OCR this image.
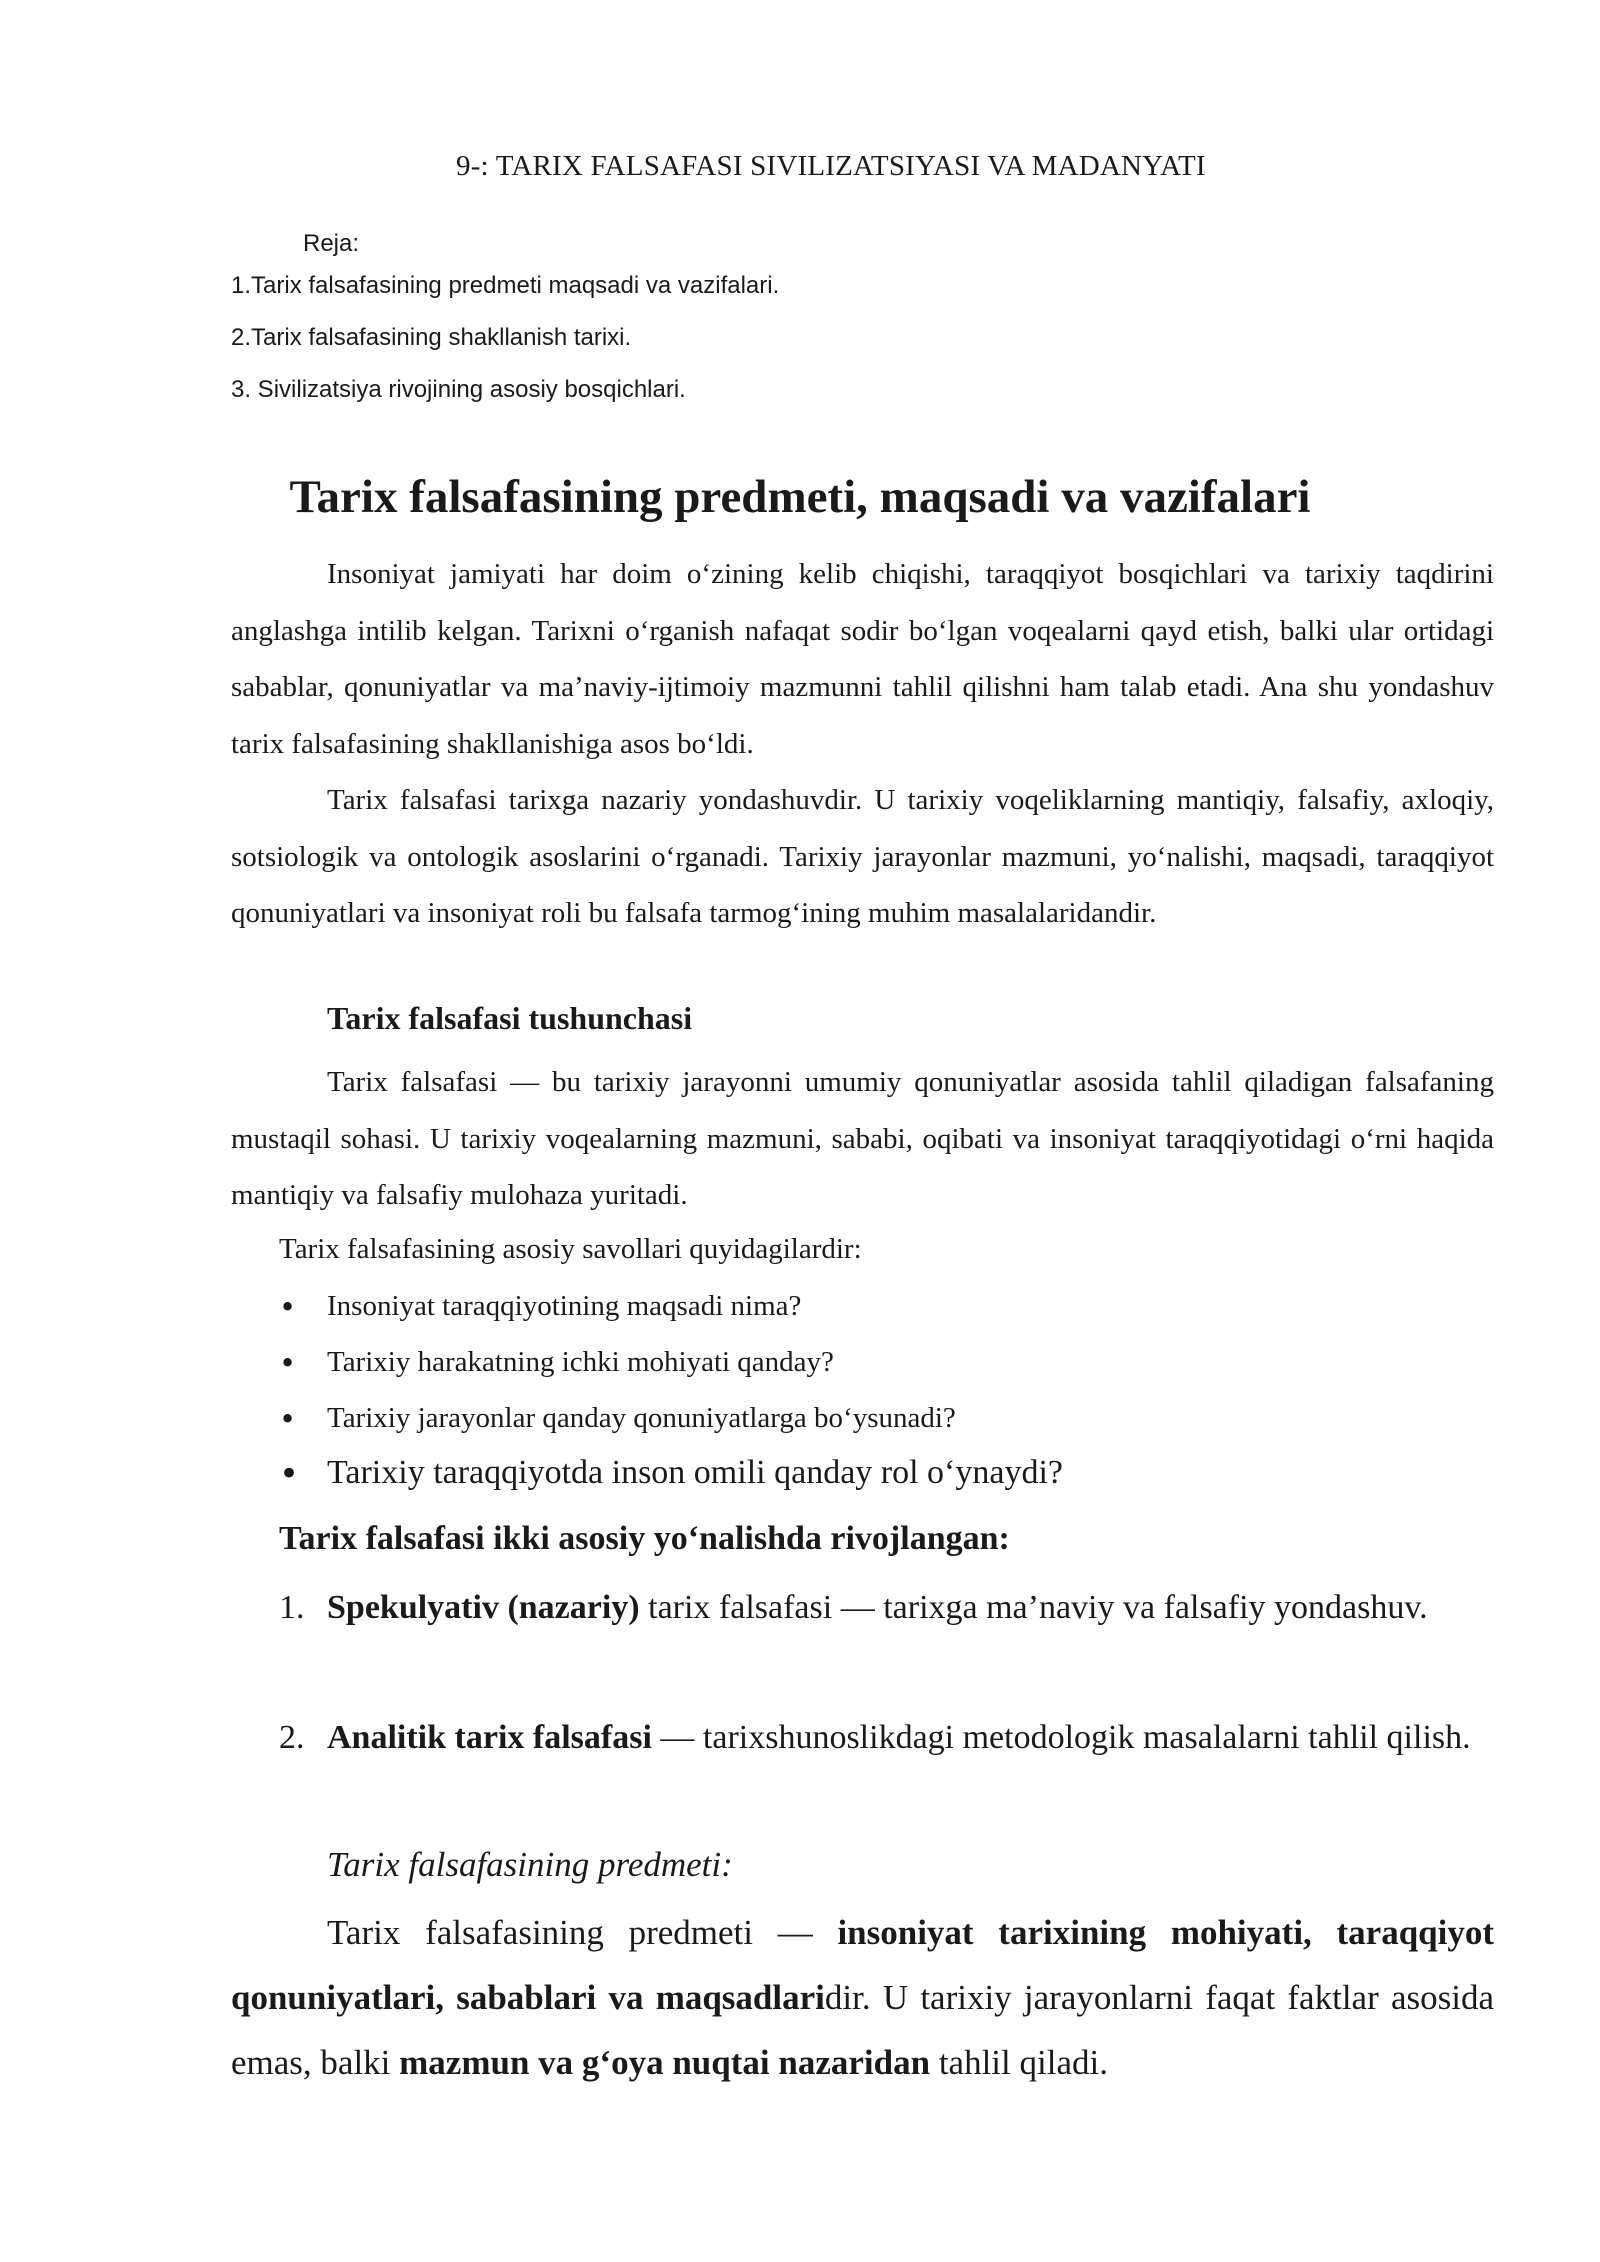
9-: TARIX FALSAFASI SIVILIZATSIYASI VA MADANYATI

Reja:

1.Tarix falsafasining predmeti maqsadi va vazifalari.

2.Tarix falsafasining shakllanish tarixi.

3. Sivilizatsiya rivojining asosiy bosqichlari.

Tarix falsafasining predmeti, maqsadi va vazifalari

Insoniyat jamiyati har doim o‘zining kelib chiqishi, taraqqiyot bosqichlari va tarixiy taqdirini anglashga intilib kelgan. Tarixni o‘rganish nafaqat sodir bo‘lgan voqealarni qayd etish, balki ular ortidagi sabablar, qonuniyatlar va ma’naviy-ijtimoiy mazmunni tahlil qilishni ham talab etadi. Ana shu yondashuv tarix falsafasining shakllanishiga asos bo‘ldi.

Tarix falsafasi tarixga nazariy yondashuvdir. U tarixiy voqeliklarning mantiqiy, falsafiy, axloqiy, sotsiologik va ontologik asoslarini o‘rganadi. Tarixiy jarayonlar mazmuni, yo‘nalishi, maqsadi, taraqqiyot qonuniyatlari va insoniyat roli bu falsafa tarmog‘ining muhim masalalaridandir.

Tarix falsafasi tushunchasi

Tarix falsafasi — bu tarixiy jarayonni umumiy qonuniyatlar asosida tahlil qiladigan falsafaning mustaqil sohasi. U tarixiy voqealarning mazmuni, sababi, oqibati va insoniyat taraqqiyotidagi o‘rni haqida mantiqiy va falsafiy mulohaza yuritadi.

Tarix falsafasining asosiy savollari quyidagilardir:

• Insoniyat taraqqiyotining maqsadi nima?
• Tarixiy harakatning ichki mohiyati qanday?
• Tarixiy jarayonlar qanday qonuniyatlarga bo‘ysunadi?
• Tarixiy taraqqiyotda inson omili qanday rol o‘ynaydi?

Tarix falsafasi ikki asosiy yo‘nalishda rivojlangan:

1. Spekulyativ (nazariy) tarix falsafasi — tarixga ma’naviy va falsafiy yondashuv.

2. Analitik tarix falsafasi — tarixshunoslikdagi metodologik masalalarni tahlil qilish.

Tarix falsafasining predmeti:

Tarix falsafasining predmeti — insoniyat tarixining mohiyati, taraqqiyot qonuniyatlari, sabablari va maqsadlaridir. U tarixiy jarayonlarni faqat faktlar asosida emas, balki mazmun va g‘oya nuqtai nazaridan tahlil qiladi.
